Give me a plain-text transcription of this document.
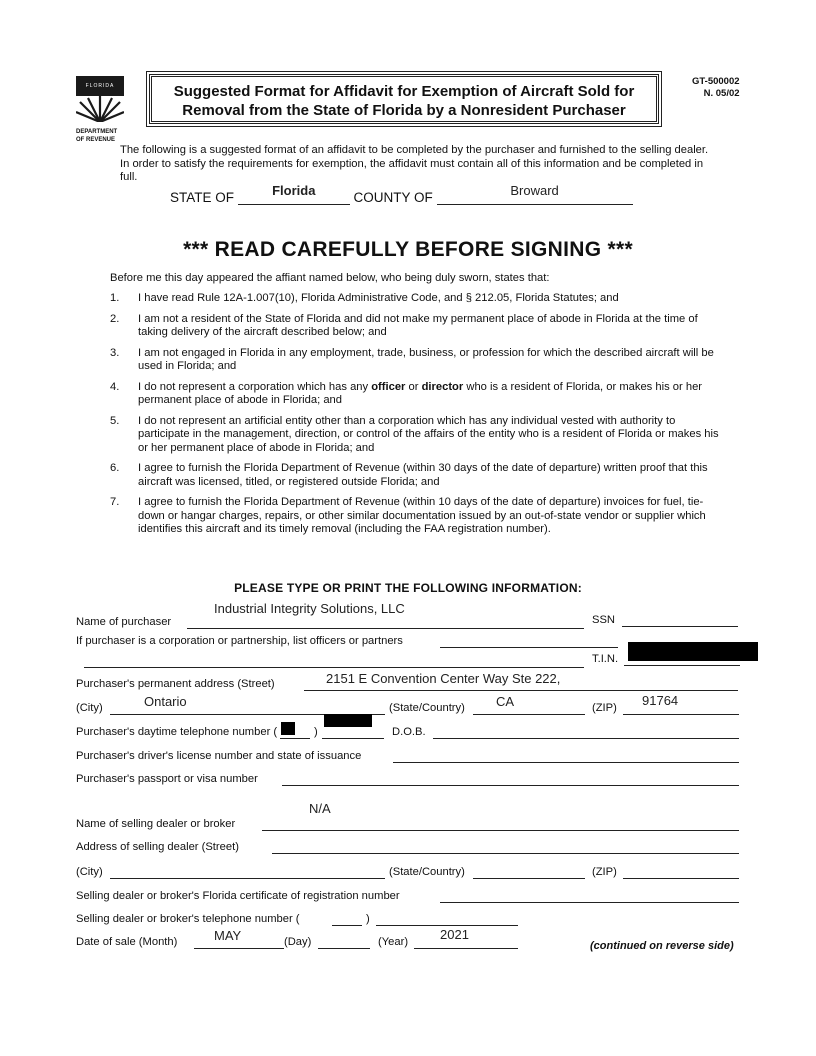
FLORIDA
DEPARTMENT
OF REVENUE
Suggested Format for Affidavit for Exemption of Aircraft Sold for
Removal from the State of Florida by a Nonresident Purchaser
GT-500002
N. 05/02
The following is a suggested format of an affidavit to be completed by the purchaser and furnished to the selling dealer. In order to satisfy the requirements for exemption, the affidavit must contain all of this information and be completed in full.
STATE OF	Florida	COUNTY OF	Broward
*** READ CAREFULLY BEFORE SIGNING ***
Before me this day appeared the affiant named below, who being duly sworn, states that:
1. I have read Rule 12A-1.007(10), Florida Administrative Code, and § 212.05, Florida Statutes; and
2. I am not a resident of the State of Florida and did not make my permanent place of abode in Florida at the time of taking delivery of the aircraft described below; and
3. I am not engaged in Florida in any employment, trade, business, or profession for which the described aircraft will be used in Florida; and
4. I do not represent a corporation which has any officer or director who is a resident of Florida, or makes his or her permanent place of abode in Florida; and
5. I do not represent an artificial entity other than a corporation which has any individual vested with authority to participate in the management, direction, or control of the affairs of the entity who is a resident of Florida or makes his or her permanent place of abode in Florida; and
6. I agree to furnish the Florida Department of Revenue (within 30 days of the date of departure) written proof that this aircraft was licensed, titled, or registered outside Florida; and
7. I agree to furnish the Florida Department of Revenue (within 10 days of the date of departure) invoices for fuel, tie-down or hangar charges, repairs, or other similar documentation issued by an out-of-state vendor or supplier which identifies this aircraft and its timely removal (including the FAA registration number).
PLEASE TYPE OR PRINT THE FOLLOWING INFORMATION:
Name of purchaser
Industrial Integrity Solutions, LLC
SSN
If purchaser is a corporation or partnership, list officers or partners
T.I.N.
Purchaser's permanent address (Street)	2151 E Convention Center Way Ste 222,
(City)	Ontario	(State/Country) CA	(ZIP) 91764
Purchaser's daytime telephone number (	)	D.O.B.
Purchaser's driver's license number and state of issuance
Purchaser's passport or visa number
Name of selling dealer or broker
N/A
Address of selling dealer (Street)
(City)	(State/Country)	(ZIP)
Selling dealer or broker's Florida certificate of registration number
Selling dealer or broker's telephone number (	)
Date of sale (Month)	MAY	(Day)	(Year) 2021
(continued on reverse side)
